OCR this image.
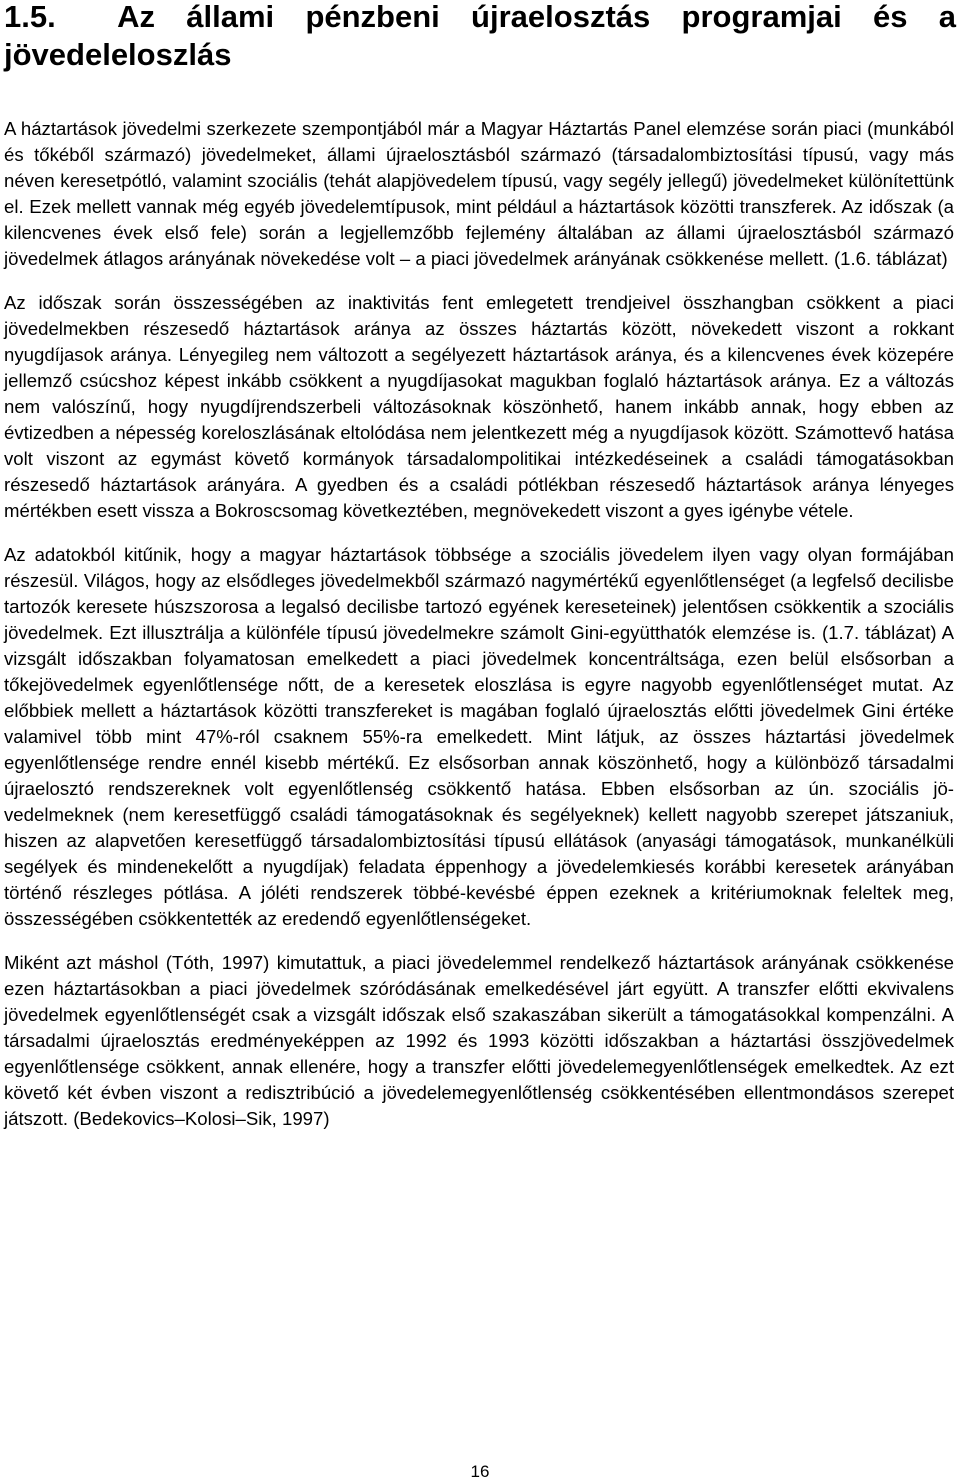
1.5. Az állami pénzbeni újraelosztás programjai és a jövedeleloszlás

A háztartások jövedelmi szerkezete szempontjából már a Magyar Háztartás Panel elemzése során piaci (munkából és tőkéből származó) jövedelmeket, állami újraelosztásból származó (társadalombiztosítási típusú, vagy más néven keresetpótló, valamint szociális (tehát alapjövedelem típusú, vagy segély jellegű) jövedelmeket különítettünk el. Ezek mellett vannak még egyéb jövedelemtípusok, mint például a háztartások közötti transzferek. Az időszak (a kilencvenes évek első fele) során a legjellemzőbb fejlemény általában az állami újraelosztásból származó jövedelmek átlagos arányának növekedése volt – a piaci jövedelmek arányának csökkenése mellett. (1.6. táblázat)

Az időszak során összességében az inaktivitás fent emlegetett trendjeivel összhangban csökkent a piaci jövedelmekben részesedő háztartások aránya az összes háztartás között, növekedett viszont a rokkant nyugdíjasok aránya. Lényegileg nem változott a segélyezett háztartások aránya, és a kilencvenes évek közepére jellemző csúcshoz képest inkább csökkent a nyugdíjasokat magukban foglaló háztartások aránya. Ez a változás nem valószínű, hogy nyugdíjrendszerbeli változásoknak köszönhető, hanem inkább annak, hogy ebben az évtizedben a népesség koreloszlásának eltolódása nem jelentkezett még a nyugdíjasok között. Számottevő hatása volt viszont az egymást követő kormányok társadalompolitikai intézkedéseinek a családi támogatásokban részesedő háztartások arányára. A gyedben és a családi pótlékban részesedő háztartások aránya lényeges mértékben esett vissza a Bokroscsomag következtében, megnövekedett viszont a gyes igénybe vétele.

Az adatokból kitűnik, hogy a magyar háztartások többsége a szociális jövedelem ilyen vagy olyan formájában részesül. Világos, hogy az elsődleges jövedelmekből származó nagymértékű egyenlőtlenséget (a legfelső decilisbe tartozók keresete húszszorosa a legalsó decilisbe tartozó egyének kereseteinek) jelentősen csökkentik a szociális jövedelmek. Ezt illusztrálja a különféle típusú jövedelmekre számolt Gini-együtthatók elemzése is. (1.7. táblázat) A vizsgált időszakban folyamatosan emelkedett a piaci jövedelmek koncentráltsága, ezen belül elsősorban a tőkejövedelmek egyenlőtlensége nőtt, de a keresetek eloszlása is egyre nagyobb egyenlőtlenséget mutat. Az előbbiek mellett a háztartások közötti transzfereket is magában foglaló újraelosztás előtti jövedelmek Gini értéke valamivel több mint 47%-ról csaknem 55%-ra emelkedett. Mint látjuk, az összes háztartási jövedelmek egyenlőtlensége rendre ennél kisebb mértékű. Ez elsősorban annak köszönhető, hogy a különböző társadalmi újraelosztó rendszereknek volt egyenlőtlenség csökkentő hatása. Ebben elsősorban az ún. szociális jövedelmeknek (nem keresetfüggő családi támogatásoknak és segélyeknek) kellett nagyobb szerepet játszaniuk, hiszen az alapvetően keresetfüggő társadalombiztosítási típusú ellátások (anyasági támogatások, munkanélküli segélyek és mindenekelőtt a nyugdíjak) feladata éppenhogy a jövedelemkiesés korábbi keresetek arányában történő részleges pótlása. A jóléti rendszerek többé-kevésbé éppen ezeknek a kritériumoknak feleltek meg, összességében csökkentették az eredendő egyenlőtlenségeket.

Miként azt máshol (Tóth, 1997) kimutattuk, a piaci jövedelemmel rendelkező háztartások arányának csökkenése ezen háztartásokban a piaci jövedelmek szóródásának emelkedésével járt együtt. A transzfer előtti ekvivalens jövedelmek egyenlőtlenségét csak a vizsgált időszak első szakaszában sikerült a támogatásokkal kompenzálni. A társadalmi újraelosztás eredményeképpen az 1992 és 1993 közötti időszakban a háztartási összjövedelmek egyenlőtlensége csökkent, annak ellenére, hogy a transzfer előtti jövedelemegyenlőtlenségek emelkedtek. Az ezt követő két évben viszont a redisztribúció a jövedelemegyenlőtlenség csökkentésében ellentmondásos szerepet játszott. (Bedekovics–Kolosi–Sik, 1997)

16
